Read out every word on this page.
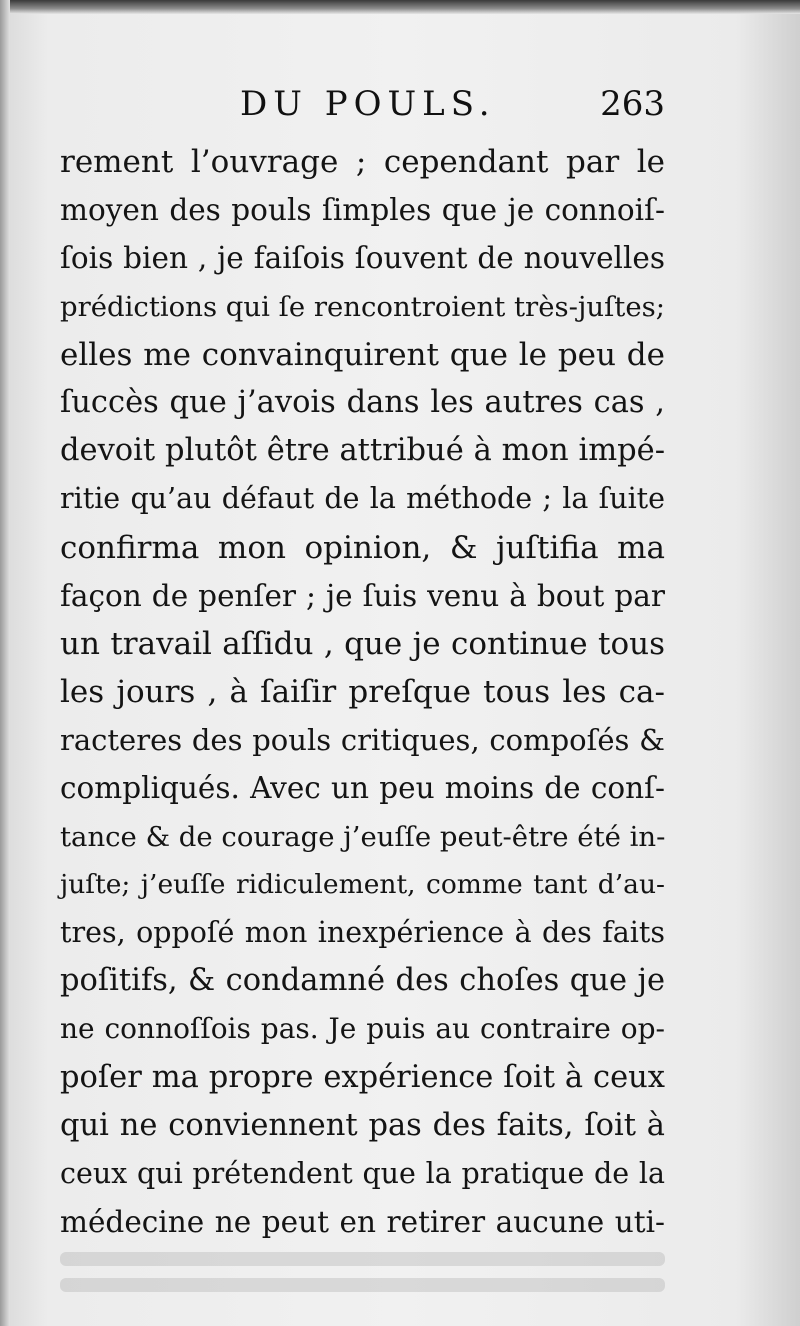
DU POULS.	263
rement l’ouvrage ; cependant par le
moyen des pouls ſimples que je connoiſ-
ſois bien , je faiſois ſouvent de nouvelles
prédictions qui ſe rencontroient très-juſtes;
elles me convainquirent que le peu de
ſuccès que j’avois dans les autres cas ,
devoit plutôt être attribué à mon impé-
ritie qu’au défaut de la méthode ; la ſuite
confirma mon opinion, & juſtifia ma
façon de penſer ; je ſuis venu à bout par
un travail aſſidu , que je continue tous
les jours , à ſaiſir preſque tous les ca-
racteres des pouls critiques, compoſés &
compliqués. Avec un peu moins de conſ-
tance & de courage j’euſſe peut-être été in-
juſte; j’euſſe ridiculement, comme tant d’au-
tres, oppoſé mon inexpérience à des faits
poſitifs, & condamné des choſes que je
ne connoſſois pas. Je puis au contraire op-
poſer ma propre expérience ſoit à ceux
qui ne conviennent pas des faits, ſoit à
ceux qui prétendent que la pratique de la
médecine ne peut en retirer aucune uti-
